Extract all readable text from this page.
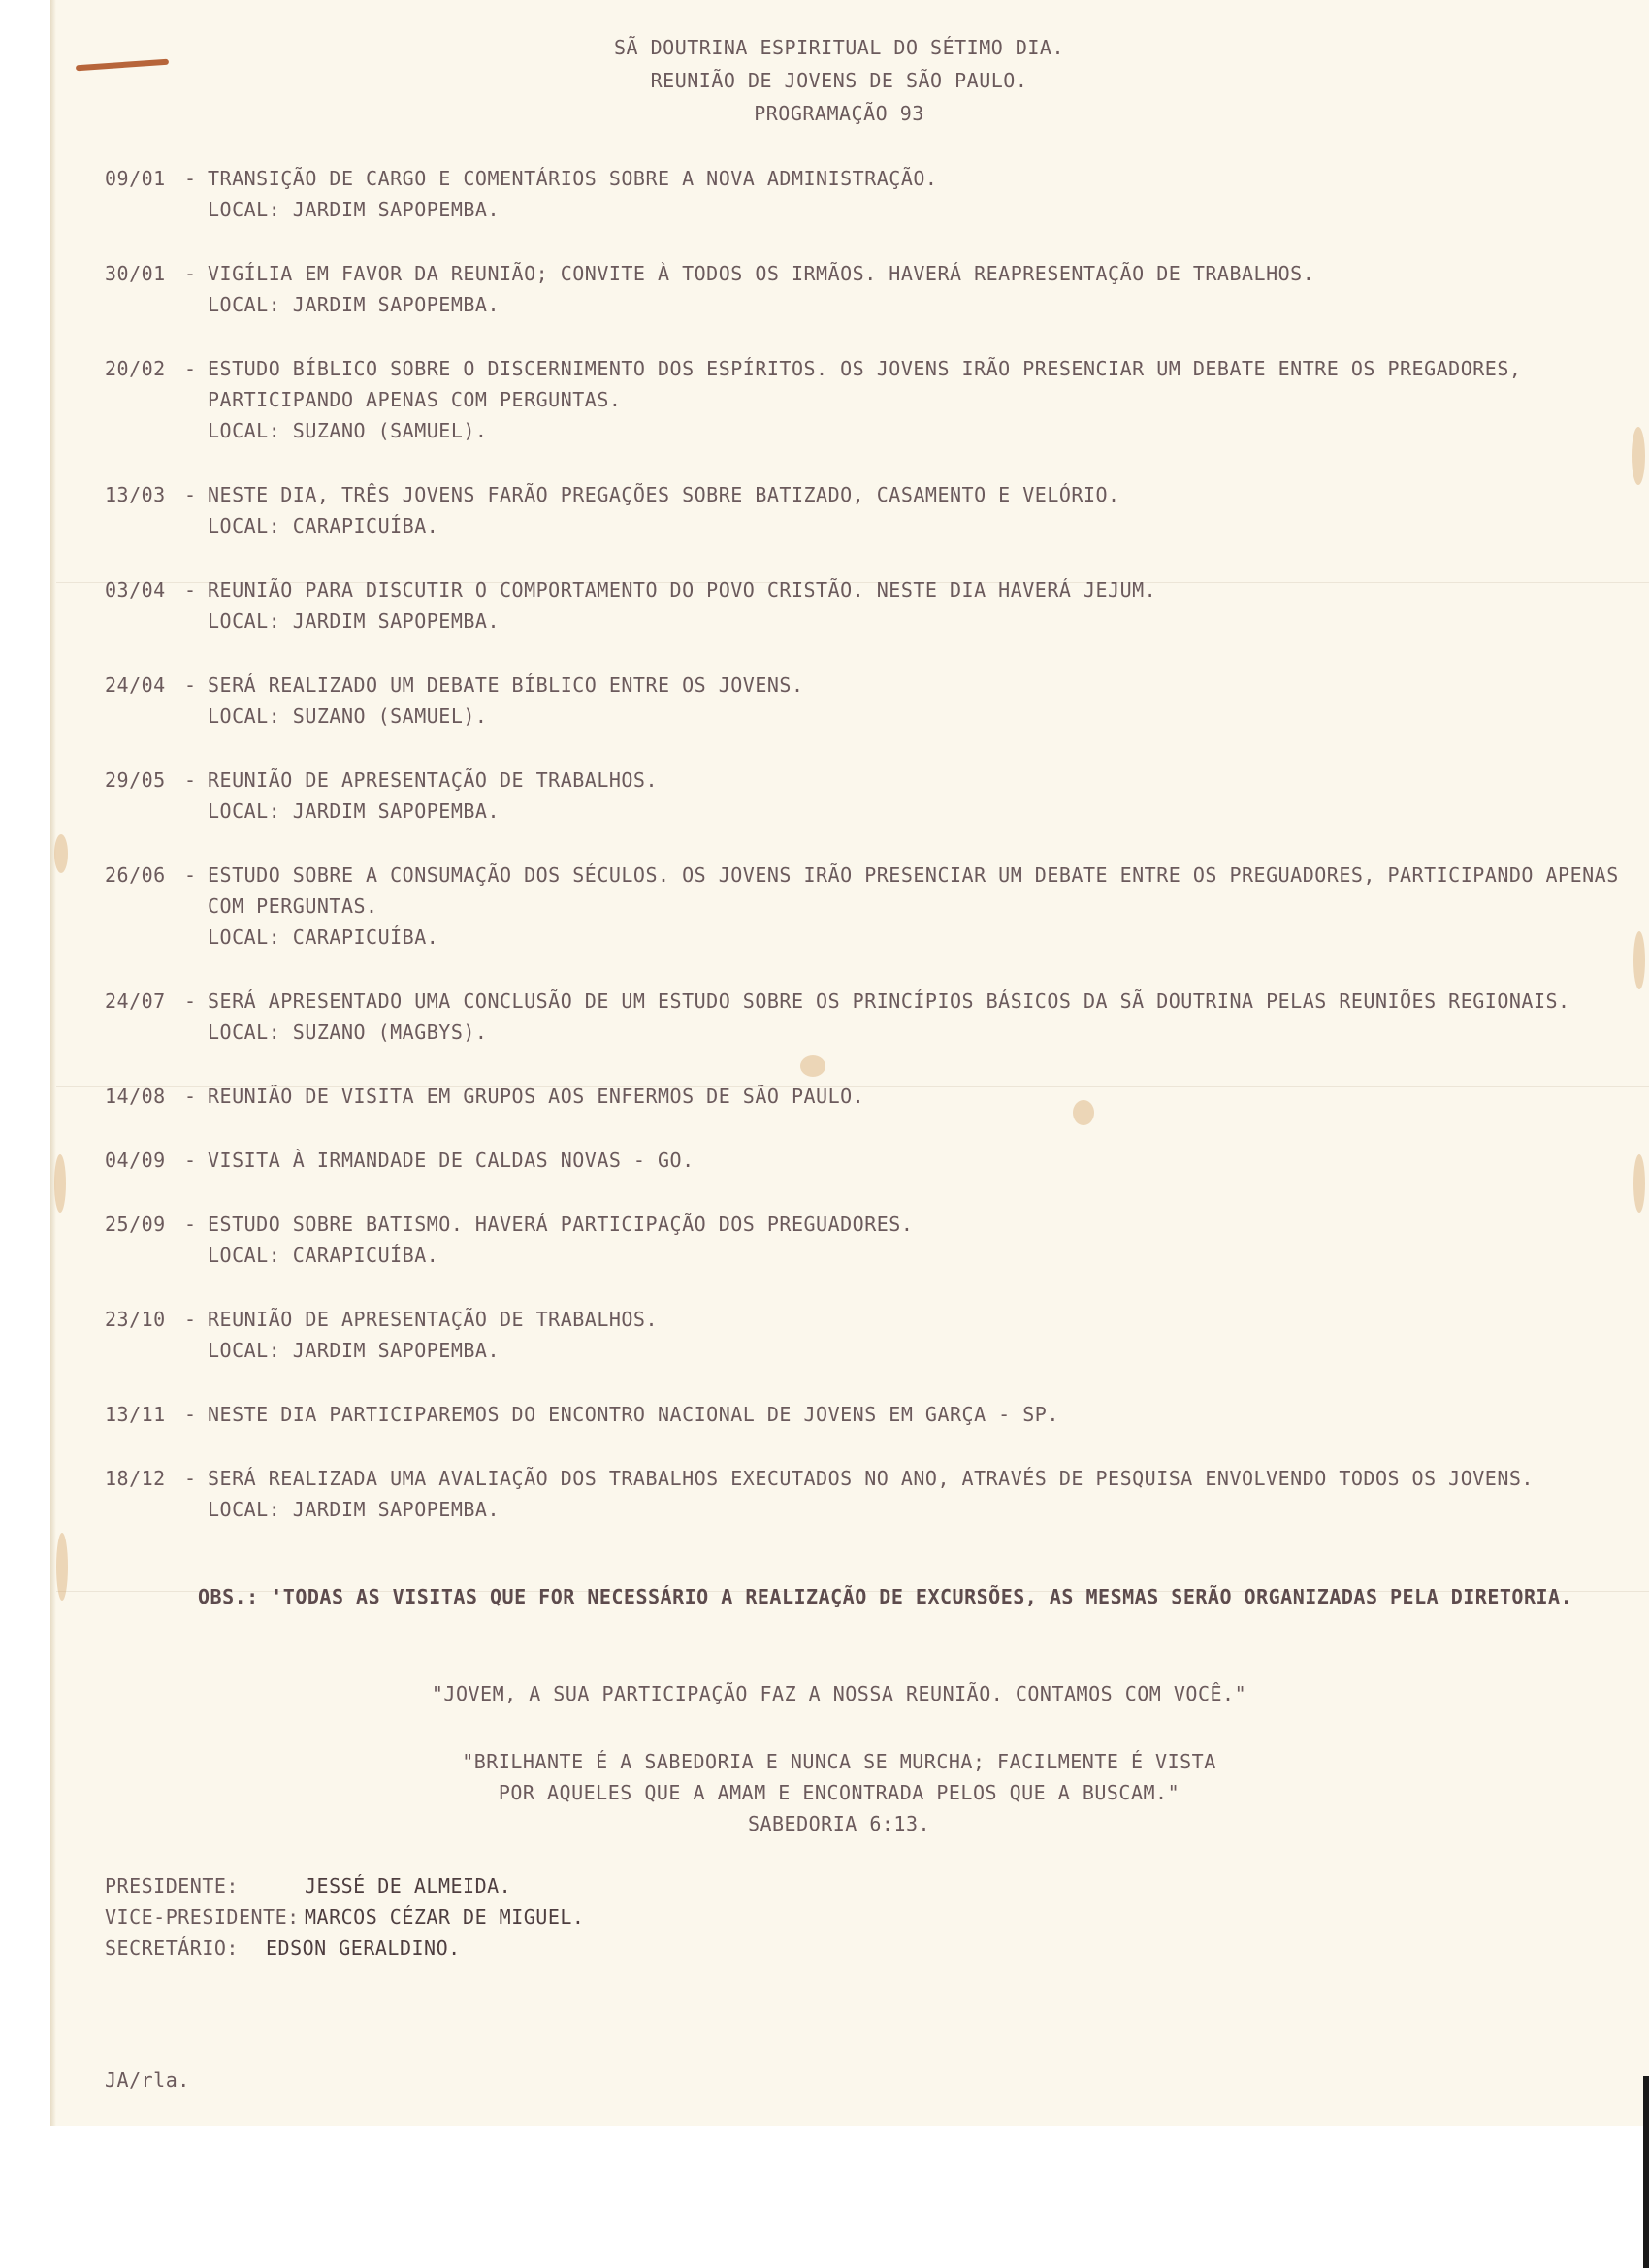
SÃ DOUTRINA ESPIRITUAL DO SÉTIMO DIA.
REUNIÃO DE JOVENS DE SÃO PAULO.
PROGRAMAÇÃO 93
09/01 - TRANSIÇÃO DE CARGO E COMENTÁRIOS SOBRE A NOVA ADMINISTRAÇÃO.
LOCAL: JARDIM SAPOPEMBA.
30/01 - VIGÍLIA EM FAVOR DA REUNIÃO; CONVITE À TODOS OS IRMÃOS. HAVERÁ REAPRESENTAÇÃO DE TRABALHOS.
LOCAL: JARDIM SAPOPEMBA.
20/02 - ESTUDO BÍBLICO SOBRE O DISCERNIMENTO DOS ESPÍRITOS. OS JOVENS IRÃO PRESENCIAR UM DEBATE ENTRE OS PREGADORES, PARTICIPANDO APENAS COM PERGUNTAS.
LOCAL: SUZANO (SAMUEL).
13/03 - NESTE DIA, TRÊS JOVENS FARÃO PREGAÇÕES SOBRE BATIZADO, CASAMENTO E VELÓRIO.
LOCAL: CARAPICUÍBA.
03/04 - REUNIÃO PARA DISCUTIR O COMPORTAMENTO DO POVO CRISTÃO. NESTE DIA HAVERÁ JEJUM.
LOCAL: JARDIM SAPOPEMBA.
24/04 - SERÁ REALIZADO UM DEBATE BÍBLICO ENTRE OS JOVENS.
LOCAL: SUZANO (SAMUEL).
29/05 - REUNIÃO DE APRESENTAÇÃO DE TRABALHOS.
LOCAL: JARDIM SAPOPEMBA.
26/06 - ESTUDO SOBRE A CONSUMAÇÃO DOS SÉCULOS. OS JOVENS IRÃO PRESENCIAR UM DEBATE ENTRE OS PREGUADORES, PARTICIPANDO APENAS COM PERGUNTAS.
LOCAL: CARAPICUÍBA.
24/07 - SERÁ APRESENTADO UMA CONCLUSÃO DE UM ESTUDO SOBRE OS PRINCÍPIOS BÁSICOS DA SÃ DOUTRINA PELAS REUNIÕES REGIONAIS.
LOCAL: SUZANO (MAGBYS).
14/08 - REUNIÃO DE VISITA EM GRUPOS AOS ENFERMOS DE SÃO PAULO.
04/09 - VISITA À IRMANDADE DE CALDAS NOVAS - GO.
25/09 - ESTUDO SOBRE BATISMO. HAVERÁ PARTICIPAÇÃO DOS PREGUADORES.
LOCAL: CARAPICUÍBA.
23/10 - REUNIÃO DE APRESENTAÇÃO DE TRABALHOS.
LOCAL: JARDIM SAPOPEMBA.
13/11 - NESTE DIA PARTICIPAREMOS DO ENCONTRO NACIONAL DE JOVENS EM GARÇA - SP.
18/12 - SERÁ REALIZADA UMA AVALIAÇÃO DOS TRABALHOS EXECUTADOS NO ANO, ATRAVÉS DE PESQUISA ENVOLVENDO TODOS OS JOVENS.
LOCAL: JARDIM SAPOPEMBA.
OBS.: 'TODAS AS VISITAS QUE FOR NECESSÁRIO A REALIZAÇÃO DE EXCURSÕES, AS MESMAS SERÃO ORGANIZADAS PELA DIRETORIA.
"JOVEM, A SUA PARTICIPAÇÃO FAZ A NOSSA REUNIÃO. CONTAMOS COM VOCÊ."
"BRILHANTE É A SABEDORIA E NUNCA SE MURCHA; FACILMENTE É VISTA
POR AQUELES QUE A AMAM E ENCONTRADA PELOS QUE A BUSCAM."
SABEDORIA 6:13.
PRESIDENTE:	JESSÉ DE ALMEIDA.
VICE-PRESIDENTE: MARCOS CÉZAR DE MIGUEL.
SECRETÁRIO: EDSON GERALDINO.
JA/rla.
